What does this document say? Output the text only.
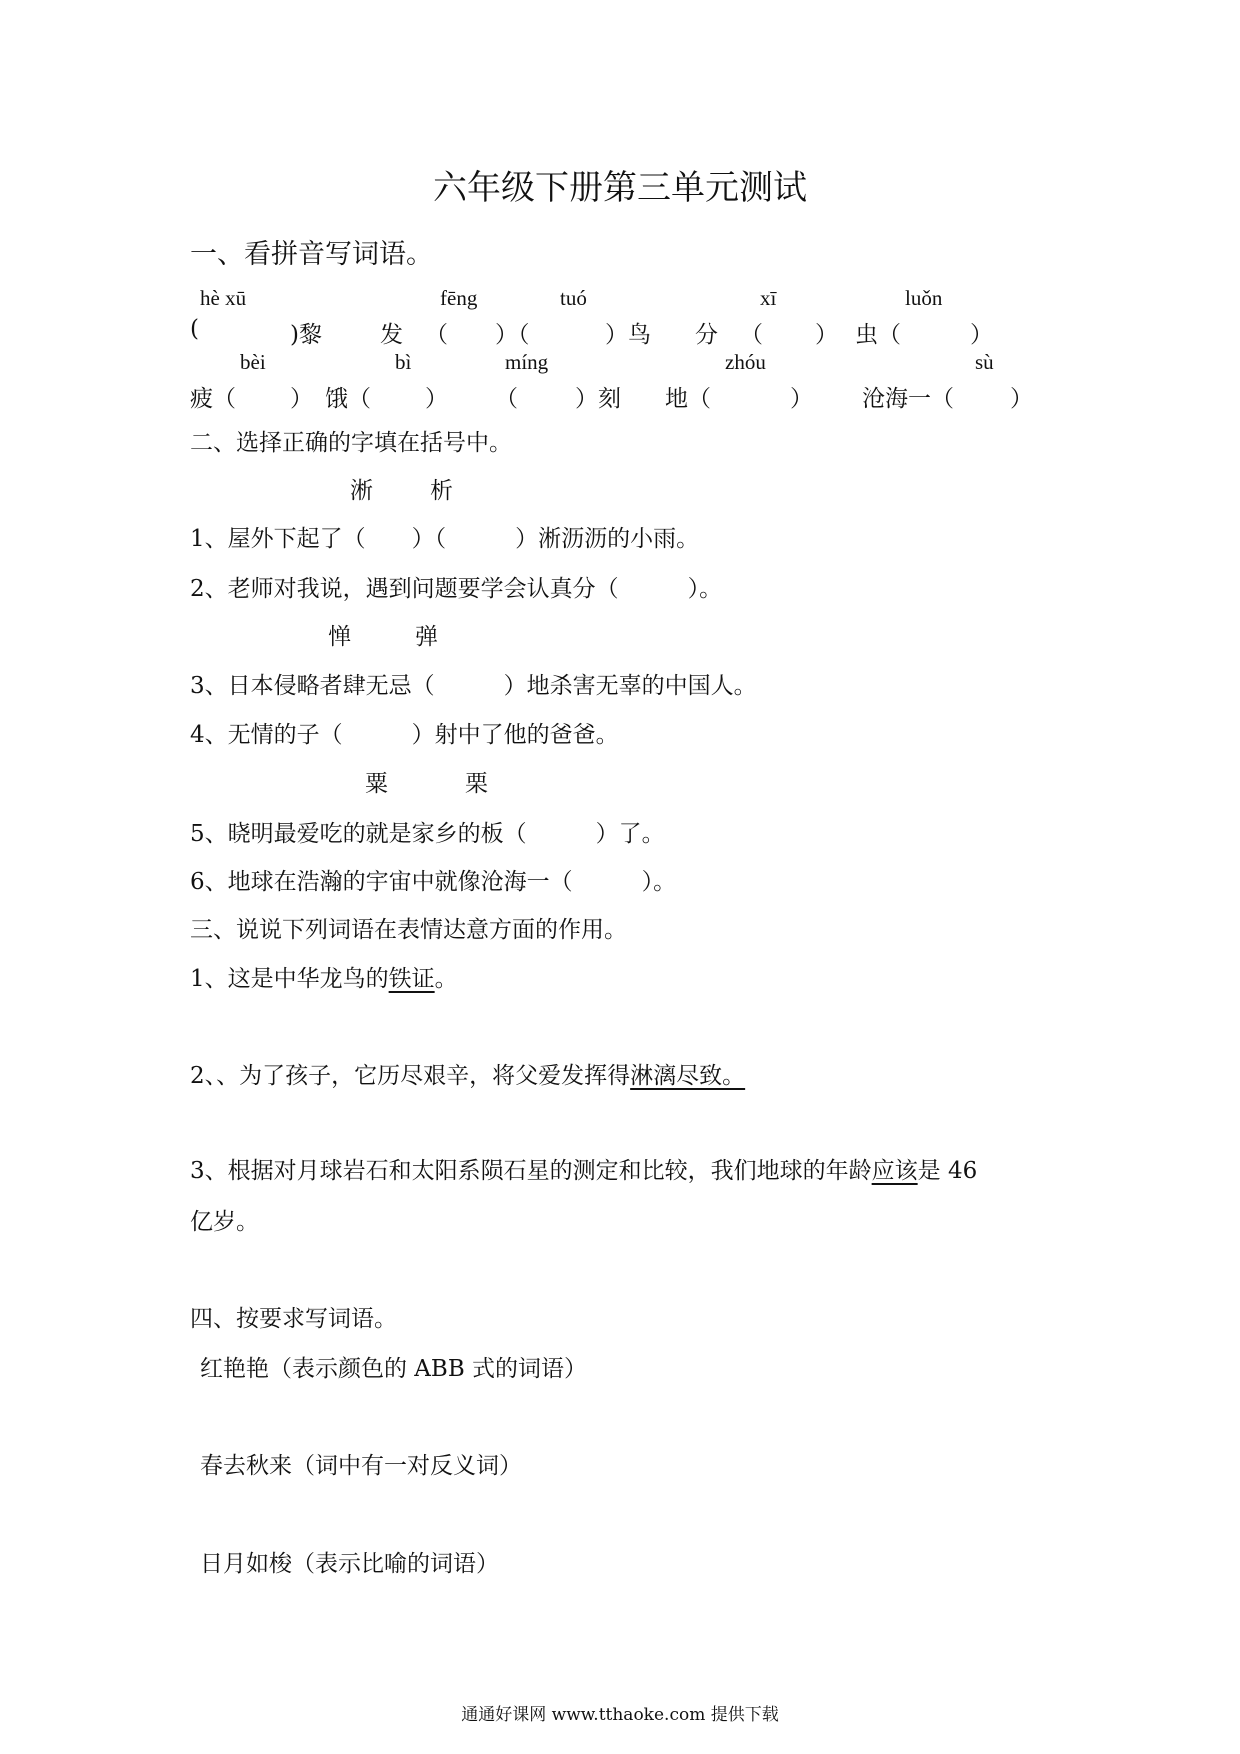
六年级下册第三单元测试
一、看拼音写词语。
hè xū	fēng	tuó	xī	luǒn
(	)黎	发 （ ）（	）鸟 分 （ ） 虫（	）
bèi	bì	míng	zhóu	sù
疲（ ） 饿（ ） （ ）刻 地（	） 沧海一（ ）
二、选择正确的字填在括号中。
淅 析
1、屋外下起了（　　）（　　　）淅沥沥的小雨。
2、老师对我说，遇到问题要学会认真分（　　　）。
惮	弹
3、日本侵略者肆无忌（　　　）地杀害无辜的中国人。
4、无情的子（　　　）射中了他的爸爸。
粟	栗
5、晓明最爱吃的就是家乡的板（　　　）了。
6、地球在浩瀚的宇宙中就像沧海一（　　　）。
三、说说下列词语在表情达意方面的作用。
1、这是中华龙鸟的铁证。
2、、为了孩子，它历尽艰辛，将父爱发挥得淋漓尽致。
3、根据对月球岩石和太阳系陨石星的测定和比较，我们地球的年龄应该是 46
亿岁。
四、按要求写词语。
红艳艳（表示颜色的 ABB 式的词语）
春去秋来（词中有一对反义词）
日月如梭（表示比喻的词语）
通通好课网 www.tthaoke.com 提供下载
